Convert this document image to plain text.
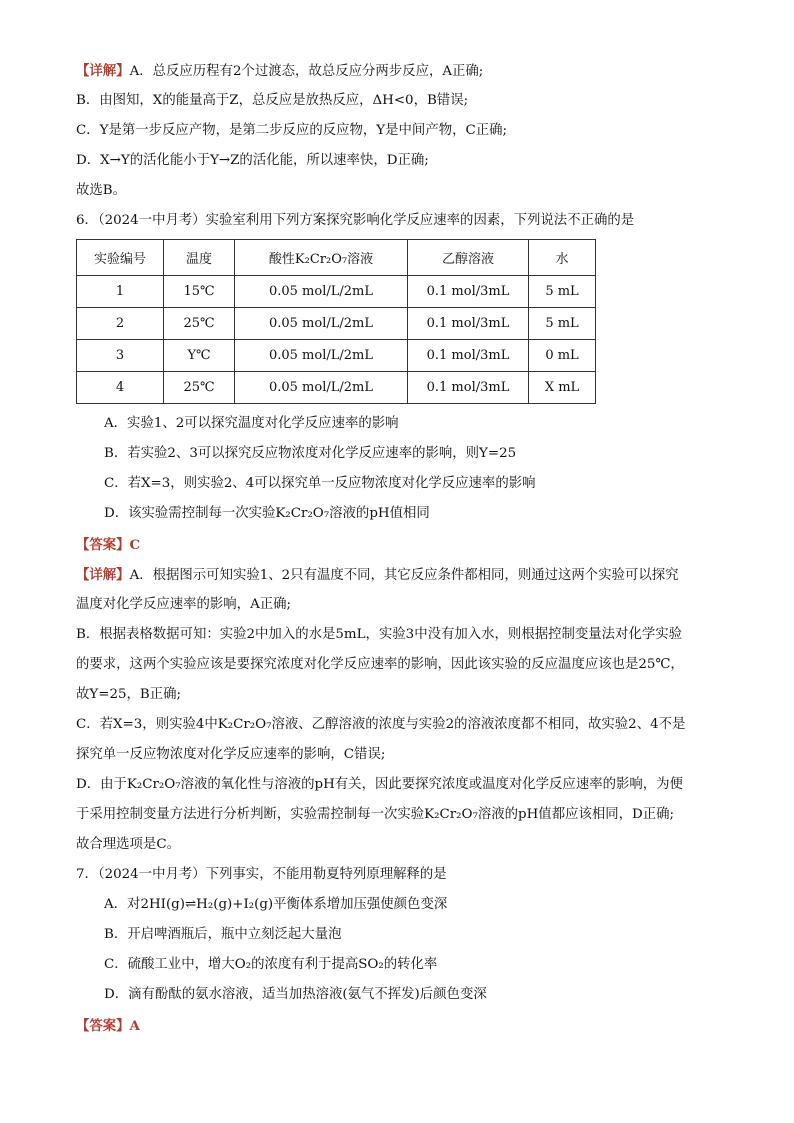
【详解】A．总反应历程有2个过渡态，故总反应分两步反应，A正确;
B．由图知，X的能量高于Z，总反应是放热反应，ΔH<0，B错误;
C．Y是第一步反应产物，是第二步反应的反应物，Y是中间产物，C正确;
D．X→Y的活化能小于Y→Z的活化能，所以速率快，D正确;
故选B。
6．（2024一中月考）实验室利用下列方案探究影响化学反应速率的因素，下列说法不正确的是
实验编号	温度	酸性K₂Cr₂O₇溶液	乙醇溶液	水
1	15℃	0.05 mol/L/2mL	0.1 mol/3mL	5 mL
2	25℃	0.05 mol/L/2mL	0.1 mol/3mL	5 mL
3	Y℃	0.05 mol/L/2mL	0.1 mol/3mL	0 mL
4	25℃	0.05 mol/L/2mL	0.1 mol/3mL	X mL
A．实验1、2可以探究温度对化学反应速率的影响
B．若实验2、3可以探究反应物浓度对化学反应速率的影响，则Y=25
C．若X=3，则实验2、4可以探究单一反应物浓度对化学反应速率的影响
D．该实验需控制每一次实验K₂Cr₂O₇溶液的pH值相同
【答案】C
【详解】A．根据图示可知实验1、2只有温度不同，其它反应条件都相同，则通过这两个实验可以探究
温度对化学反应速率的影响，A正确;
B．根据表格数据可知：实验2中加入的水是5mL，实验3中没有加入水，则根据控制变量法对化学实验
的要求，这两个实验应该是要探究浓度对化学反应速率的影响，因此该实验的反应温度应该也是25℃，
故Y=25，B正确;
C．若X=3，则实验4中K₂Cr₂O₇溶液、乙醇溶液的浓度与实验2的溶液浓度都不相同，故实验2、4不是
探究单一反应物浓度对化学反应速率的影响，C错误;
D．由于K₂Cr₂O₇溶液的氧化性与溶液的pH有关，因此要探究浓度或温度对化学反应速率的影响，为便
于采用控制变量方法进行分析判断，实验需控制每一次实验K₂Cr₂O₇溶液的pH值都应该相同，D正确;
故合理选项是C。
7．（2024一中月考）下列事实，不能用勒夏特列原理解释的是
A．对2HI(g)⇌H₂(g)+I₂(g)平衡体系增加压强使颜色变深
B．开启啤酒瓶后，瓶中立刻泛起大量泡
C．硫酸工业中，增大O₂的浓度有利于提高SO₂的转化率
D．滴有酚酞的氨水溶液，适当加热溶液(氨气不挥发)后颜色变深
【答案】A
